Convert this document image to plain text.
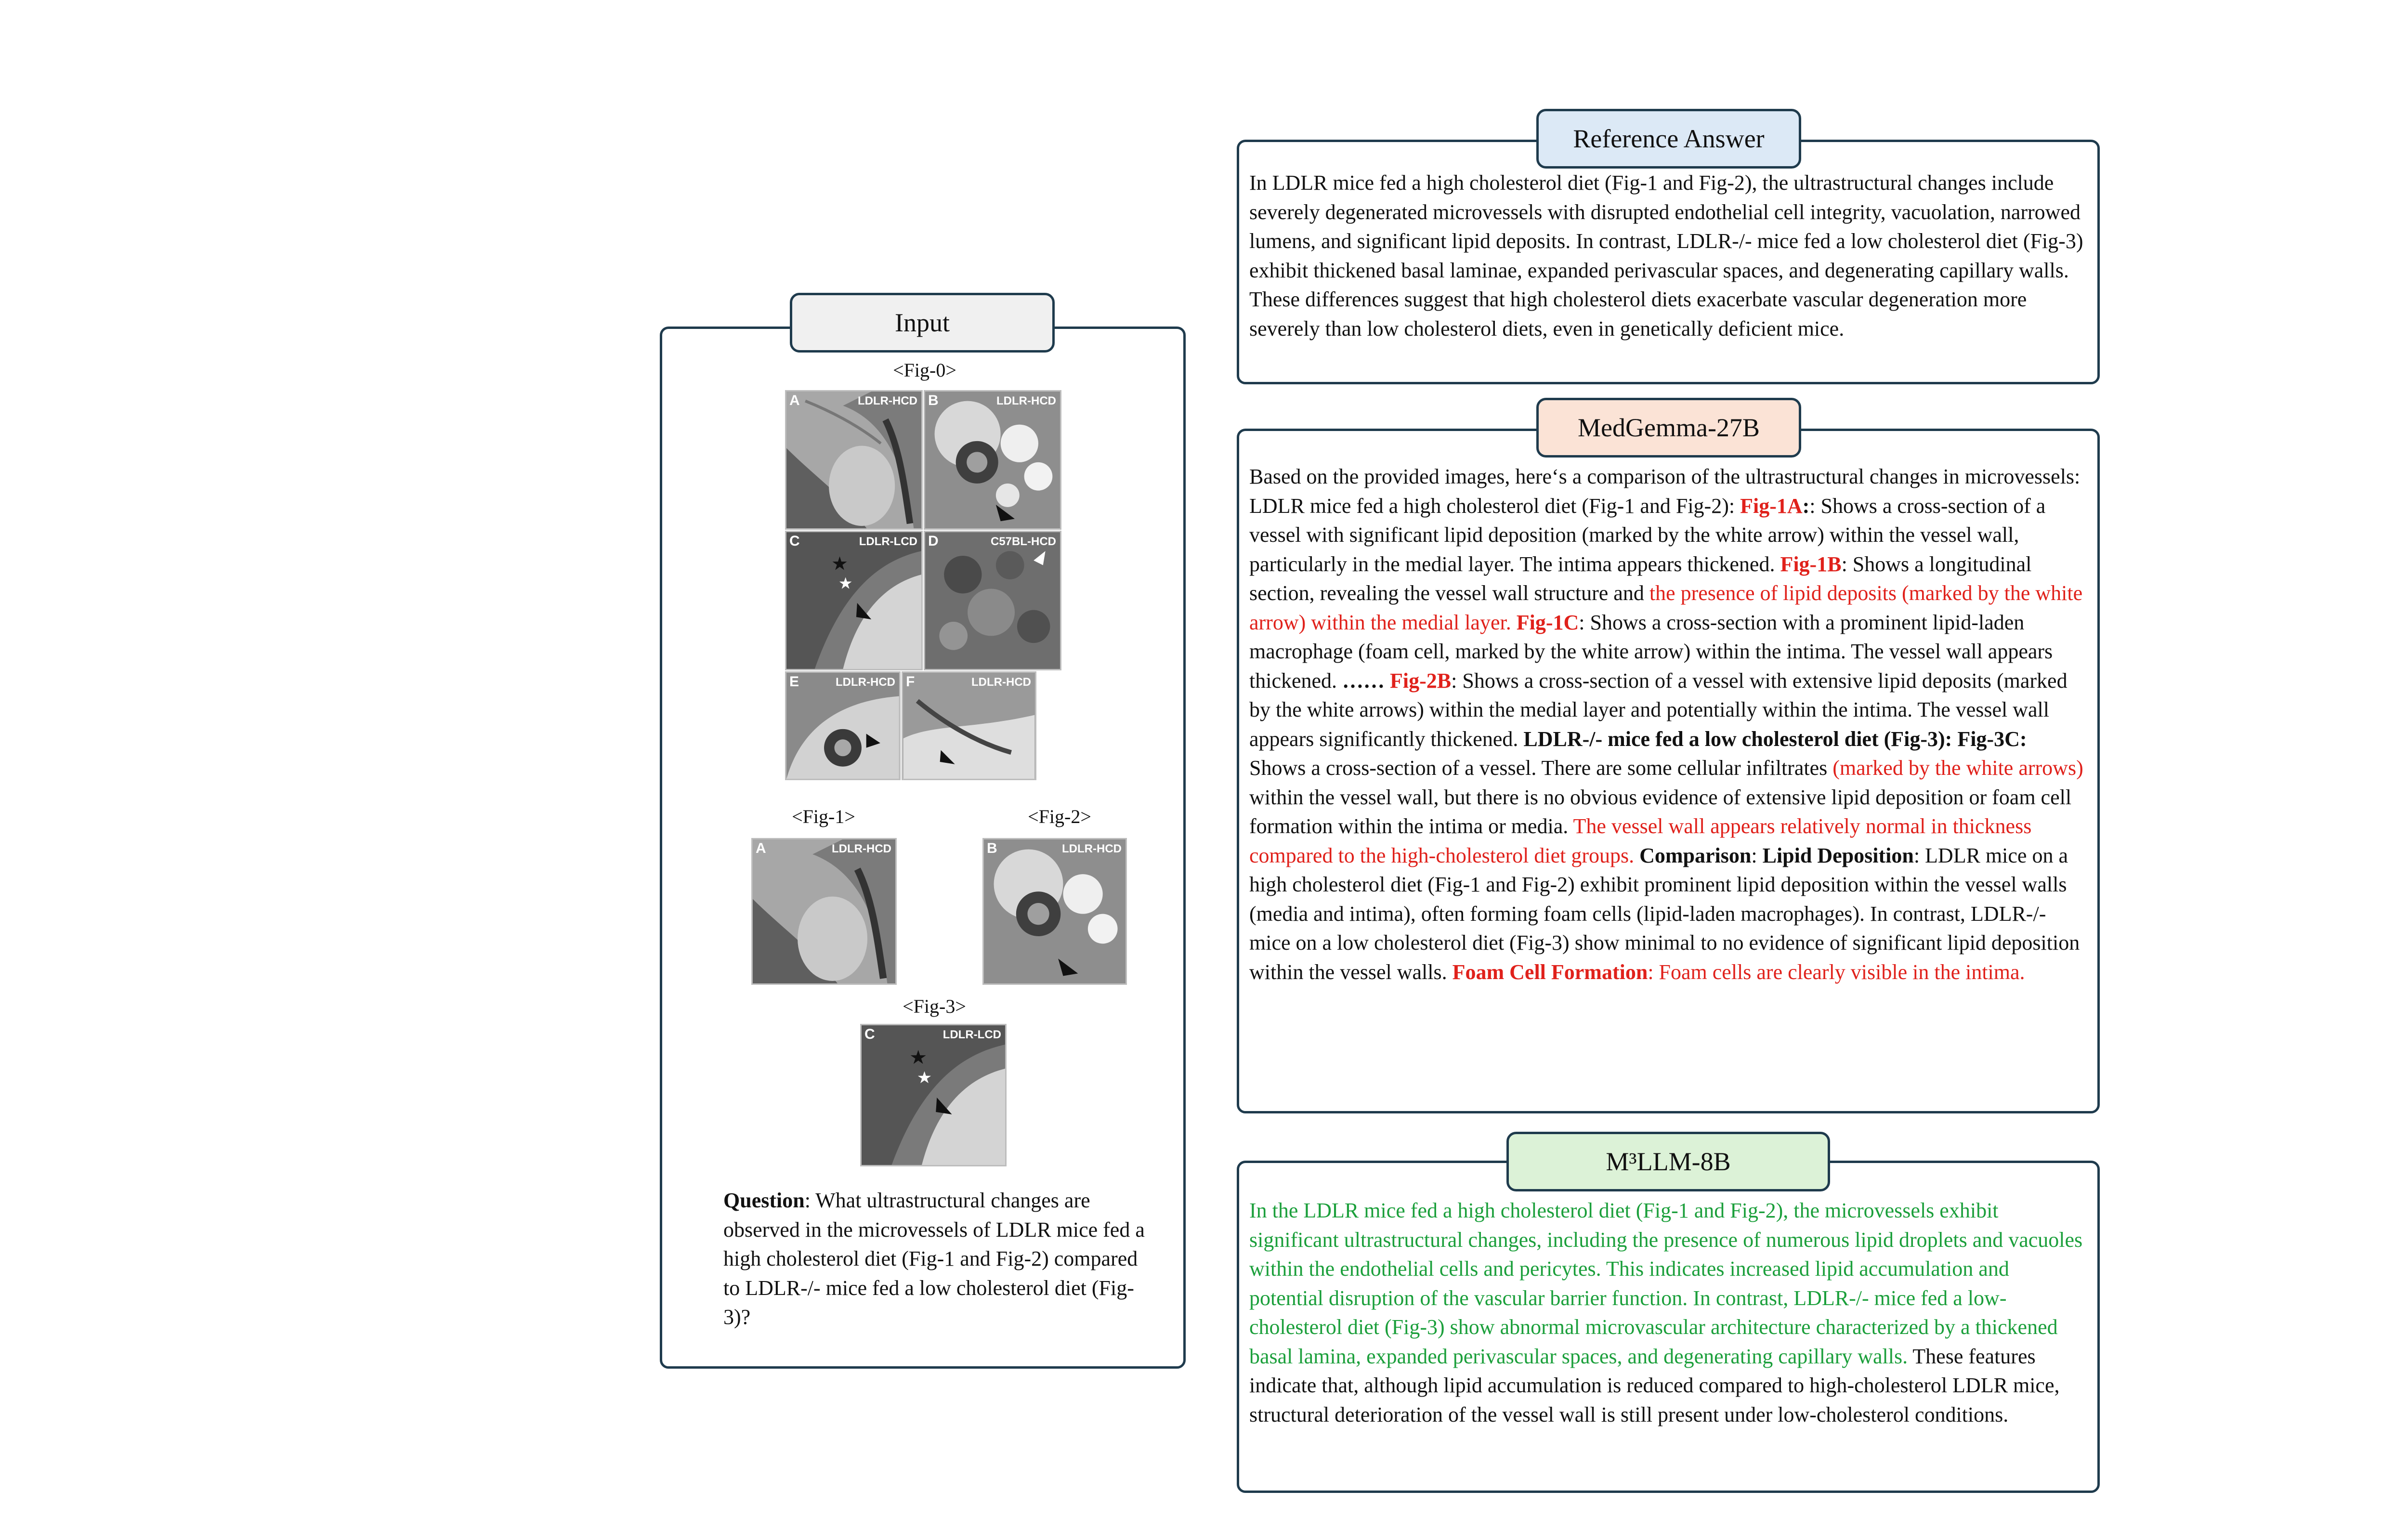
Input
<Fig-0>
A	LDLR-HCD B	LDLR-HCD
★
★
C	LDLR-LCD D	C57BL-HCD
E	LDLR-HCD F	LDLR-HCD
<Fig-1>	<Fig-2>
A	LDLR-HCD	B	LDLR-HCD
<Fig-3>
★
★
C	LDLR-LCD
Question: What ultrastructural changes are observed in the microvessels of LDLR mice fed a high cholesterol diet (Fig-1 and Fig-2) compared to LDLR-/- mice fed a low cholesterol diet (Fig-3)?
Reference Answer
In LDLR mice fed a high cholesterol diet (Fig-1 and Fig-2), the ultrastructural changes include severely degenerated microvessels with disrupted endothelial cell integrity, vacuolation, narrowed lumens, and significant lipid deposits. In contrast, LDLR-/- mice fed a low cholesterol diet (Fig-3) exhibit thickened basal laminae, expanded perivascular spaces, and degenerating capillary walls. These differences suggest that high cholesterol diets exacerbate vascular degeneration more severely than low cholesterol diets, even in genetically deficient mice.
MedGemma-27B
Based on the provided images, here‘s a comparison of the ultrastructural changes in microvessels: LDLR mice fed a high cholesterol diet (Fig-1 and Fig-2): Fig-1A:: Shows a cross-section of a vessel with significant lipid deposition (marked by the white arrow) within the vessel wall, particularly in the medial layer. The intima appears thickened. Fig-1B: Shows a longitudinal section, revealing the vessel wall structure and the presence of lipid deposits (marked by the white arrow) within the medial layer. Fig-1C: Shows a cross-section with a prominent lipid-laden macrophage (foam cell, marked by the white arrow) within the intima. The vessel wall appears thickened. …… Fig-2B: Shows a cross-section of a vessel with extensive lipid deposits (marked by the white arrows) within the medial layer and potentially within the intima. The vessel wall appears significantly thickened. LDLR-/- mice fed a low cholesterol diet (Fig-3): Fig-3C: Shows a cross-section of a vessel. There are some cellular infiltrates (marked by the white arrows) within the vessel wall, but there is no obvious evidence of extensive lipid deposition or foam cell formation within the intima or media. The vessel wall appears relatively normal in thickness compared to the high-cholesterol diet groups. Comparison: Lipid Deposition: LDLR mice on a high cholesterol diet (Fig-1 and Fig-2) exhibit prominent lipid deposition within the vessel walls (media and intima), often forming foam cells (lipid-laden macrophages). In contrast, LDLR-/- mice on a low cholesterol diet (Fig-3) show minimal to no evidence of significant lipid deposition within the vessel walls. Foam Cell Formation: Foam cells are clearly visible in the intima.
M³LLM-8B
In the LDLR mice fed a high cholesterol diet (Fig-1 and Fig-2), the microvessels exhibit significant ultrastructural changes, including the presence of numerous lipid droplets and vacuoles within the endothelial cells and pericytes. This indicates increased lipid accumulation and potential disruption of the vascular barrier function. In contrast, LDLR-/- mice fed a low-cholesterol diet (Fig-3) show abnormal microvascular architecture characterized by a thickened basal lamina, expanded perivascular spaces, and degenerating capillary walls. These features indicate that, although lipid accumulation is reduced compared to high-cholesterol LDLR mice, structural deterioration of the vessel wall is still present under low-cholesterol conditions.
